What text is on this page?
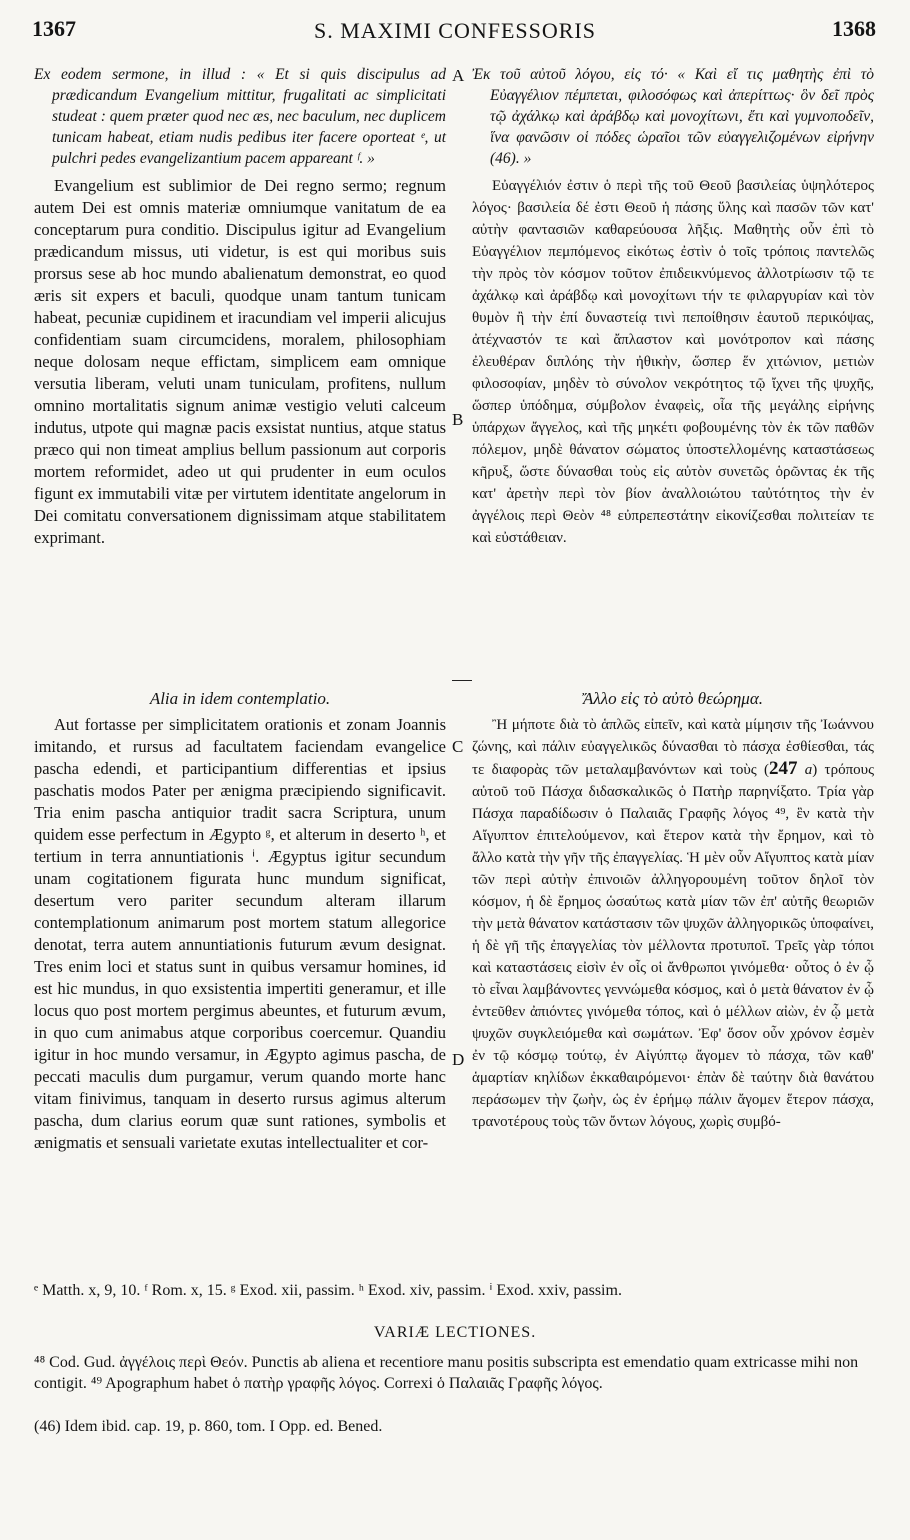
1367	S. MAXIMI CONFESSORIS	1368
A
B
C
D

Ex eodem sermone, in illud : « Et si quis discipulus ad prædicandum Evangelium mittitur, frugalitati ac simplicitati studeat : quem præter quod nec æs, nec baculum, nec duplicem tunicam habeat, etiam nudis pedibus iter facere oporteat ᵉ, ut pulchri pedes evangelizantium pacem appareant ᶠ. »

Evangelium est sublimior de Dei regno sermo; regnum autem Dei est omnis materiæ omniumque vanitatum de ea conceptarum pura conditio. Discipulus igitur ad Evangelium prædicandum missus, uti videtur, is est qui moribus suis prorsus sese ab hoc mundo abalienatum demonstrat, eo quod æris sit expers et baculi, quodque unam tantum tunicam habeat, pecuniæ cupidinem et iracundiam vel imperii alicujus confidentiam suam circumcidens, moralem, philosophiam neque dolosam neque effictam, simplicem eam omnique versutia liberam, veluti unam tuniculam, profitens, nullum omnino mortalitatis signum animæ vestigio veluti calceum indutus, utpote qui magnæ pacis exsistat nuntius, atque status præco qui non timeat amplius bellum passionum aut corporis mortem reformidet, adeo ut qui prudenter in eum oculos figunt ex immutabili vitæ per virtutem identitate angelorum in Dei comitatu conversationem dignissimam atque stabilitatem exprimant.

Ἐκ τοῦ αὐτοῦ λόγου, εἰς τό· « Καὶ εἴ τις μαθητὴς ἐπὶ τὸ Εὐαγγέλιον πέμπεται, φιλοσόφως καὶ ἀπερίττως· ὃν δεῖ πρὸς τῷ ἀχάλκῳ καὶ ἀράβδῳ καὶ μονοχίτωνι, ἔτι καὶ γυμνοποδεῖν, ἵνα φανῶσιν οἱ πόδες ὡραῖοι τῶν εὐαγγελιζομένων εἰρήνην (46). »

Εὐαγγέλιόν ἐστιν ὁ περὶ τῆς τοῦ Θεοῦ βασιλείας ὑψηλότερος λόγος· βασιλεία δέ ἐστι Θεοῦ ἡ πάσης ὕλης καὶ πασῶν τῶν κατ' αὐτὴν φαντασιῶν καθαρεύουσα λῆξις. Μαθητὴς οὖν ἐπὶ τὸ Εὐαγγέλιον πεμπόμενος εἰκότως ἐστὶν ὁ τοῖς τρόποις παντελῶς τὴν πρὸς τὸν κόσμον τοῦτον ἐπιδεικνύμενος ἀλλοτρίωσιν τῷ τε ἀχάλκῳ καὶ ἀράβδῳ καὶ μονοχίτωνι τήν τε φιλαργυρίαν καὶ τὸν θυμὸν ἢ τὴν ἐπί δυναστείᾳ τινὶ πεποίθησιν ἑαυτοῦ περικόψας, ἀτέχναστόν τε καὶ ἄπλαστον καὶ μονότροπον καὶ πάσης ἐλευθέραν διπλόης τὴν ἠθικὴν, ὥσπερ ἕν χιτώνιον, μετιὼν φιλοσοφίαν, μηδὲν τὸ σύνολον νεκρότητος τῷ ἴχνει τῆς ψυχῆς, ὥσπερ ὑπόδημα, σύμβολον ἐναφεὶς, οἷα τῆς μεγάλης εἰρήνης ὑπάρχων ἄγγελος, καὶ τῆς μηκέτι φοβουμένης τὸν ἐκ τῶν παθῶν πόλεμον, μηδὲ θάνατον σώματος ὑποστελλομένης καταστάσεως κῆρυξ, ὥστε δύνασθαι τοὺς εἰς αὐτὸν συνετῶς ὁρῶντας ἐκ τῆς κατ' ἀρετὴν περὶ τὸν βίον ἀναλλοιώτου ταὐτότητος τὴν ἐν ἀγγέλοις περὶ Θεὸν ⁴⁸ εὐπρεπεστάτην εἰκονίζεσθαι πολιτείαν τε καὶ εὐστάθειαν.

Alia in idem contemplatio.

Aut fortasse per simplicitatem orationis et zonam Joannis imitando, et rursus ad facultatem faciendam evangelice pascha edendi, et participantium differentias et ipsius paschatis modos Pater per ænigma præcipiendo significavit. Tria enim pascha antiquior tradit sacra Scriptura, unum quidem esse perfectum in Ægypto ᵍ, et alterum in deserto ʰ, et tertium in terra annuntiationis ⁱ. Ægyptus igitur secundum unam cogitationem figurata hunc mundum significat, desertum vero pariter secundum alteram illarum contemplationum animarum post mortem statum allegorice denotat, terra autem annuntiationis futurum ævum designat. Tres enim loci et status sunt in quibus versamur homines, id est hic mundus, in quo exsistentia impertiti generamur, et ille locus quo post mortem pergimus abeuntes, et futurum ævum, in quo cum animabus atque corporibus coercemur. Quandiu igitur in hoc mundo versamur, in Ægypto agimus pascha, de peccati maculis dum purgamur, verum quando morte hanc vitam finivimus, tanquam in deserto rursus agimus alterum pascha, dum clarius eorum quæ sunt rationes, symbolis et ænigmatis et sensuali varietate exutas intellectualiter et cor-

Ἄλλο εἰς τὸ αὐτὸ θεώρημα.

Ἢ μήποτε διὰ τὸ ἁπλῶς εἰπεῖν, καὶ κατὰ μίμησιν τῆς Ἰωάννου ζώνης, καὶ πάλιν εὐαγγελικῶς δύνασθαι τὸ πάσχα ἐσθίεσθαι, τάς τε διαφορὰς τῶν μεταλαμβανόντων καὶ τοὺς (247 a) τρόπους αὐτοῦ τοῦ Πάσχα διδασκαλικῶς ὁ Πατὴρ παρηνίξατο. Τρία γὰρ Πάσχα παραδίδωσιν ὁ Παλαιᾶς Γραφῆς λόγος ⁴⁹, ἓν κατὰ τὴν Αἴγυπτον ἐπιτελούμενον, καὶ ἕτερον κατὰ τὴν ἔρημον, καὶ τὸ ἄλλο κατὰ τὴν γῆν τῆς ἐπαγγελίας. Ἡ μὲν οὖν Αἴγυπτος κατὰ μίαν τῶν περὶ αὐτὴν ἐπινοιῶν ἀλληγορουμένη τοῦτον δηλοῖ τὸν κόσμον, ἡ δὲ ἔρημος ὡσαύτως κατὰ μίαν τῶν ἐπ' αὐτῆς θεωριῶν τὴν μετὰ θάνατον κατάστασιν τῶν ψυχῶν ἀλληγορικῶς ὑποφαίνει, ἡ δὲ γῆ τῆς ἐπαγγελίας τὸν μέλλοντα προτυποῖ. Τρεῖς γὰρ τόποι καὶ καταστάσεις εἰσὶν ἐν οἷς οἱ ἄνθρωποι γινόμεθα· οὗτος ὁ ἐν ᾧ τὸ εἶναι λαμβάνοντες γεννώμεθα κόσμος, καὶ ὁ μετὰ θάνατον ἐν ᾧ ἐντεῦθεν ἀπιόντες γινόμεθα τόπος, καὶ ὁ μέλλων αἰὼν, ἐν ᾧ μετὰ ψυχῶν συγκλειόμεθα καὶ σωμάτων. Ἐφ' ὅσον οὖν χρόνον ἐσμὲν ἐν τῷ κόσμῳ τούτῳ, ἐν Αἰγύπτῳ ἄγομεν τὸ πάσχα, τῶν καθ' ἁμαρτίαν κηλίδων ἐκκαθαιρόμενοι· ἐπὰν δὲ ταύτην διὰ θανάτου περάσωμεν τὴν ζωὴν, ὡς ἐν ἐρήμῳ πάλιν ἄγομεν ἕτερον πάσχα, τρανοτέρους τοὺς τῶν ὄντων λόγους, χωρὶς συμβό-

ᵉ Matth. x, 9, 10. ᶠ Rom. x, 15. ᵍ Exod. xii, passim. ʰ Exod. xiv, passim. ⁱ Exod. xxiv, passim.
VARIÆ LECTIONES.
⁴⁸ Cod. Gud. ἀγγέλοις περὶ Θεόν. Punctis ab aliena et recentiore manu positis subscripta est emendatio quam extricasse mihi non contigit. ⁴⁹ Apographum habet ὁ πατὴρ γραφῆς λόγος. Correxi ὁ Παλαιᾶς Γραφῆς λόγος.
(46) Idem ibid. cap. 19, p. 860, tom. I Opp. ed. Bened.
